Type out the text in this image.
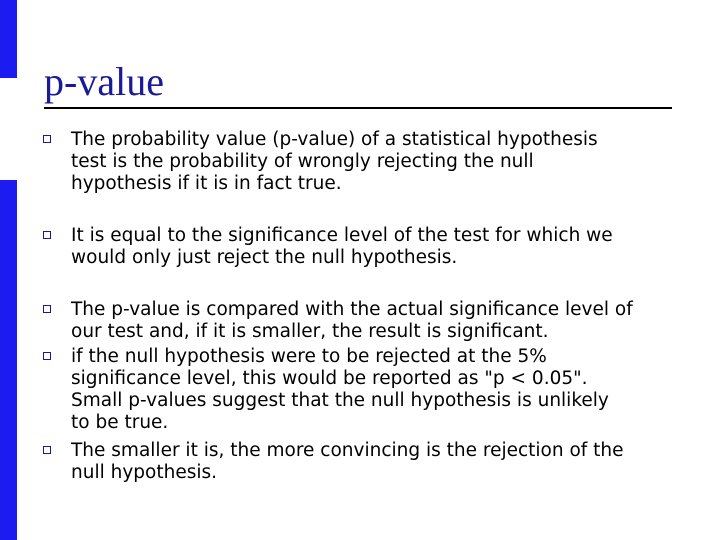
p-value
The probability value (p-value) of a statistical hypothesis
test is the probability of wrongly rejecting the null
hypothesis if it is in fact true.
It is equal to the significance level of the test for which we
would only just reject the null hypothesis.
The p-value is compared with the actual significance level of
our test and, if it is smaller, the result is significant.
if the null hypothesis were to be rejected at the 5%
significance level, this would be reported as "p < 0.05".
Small p-values suggest that the null hypothesis is unlikely
to be true.
The smaller it is, the more convincing is the rejection of the
null hypothesis.
